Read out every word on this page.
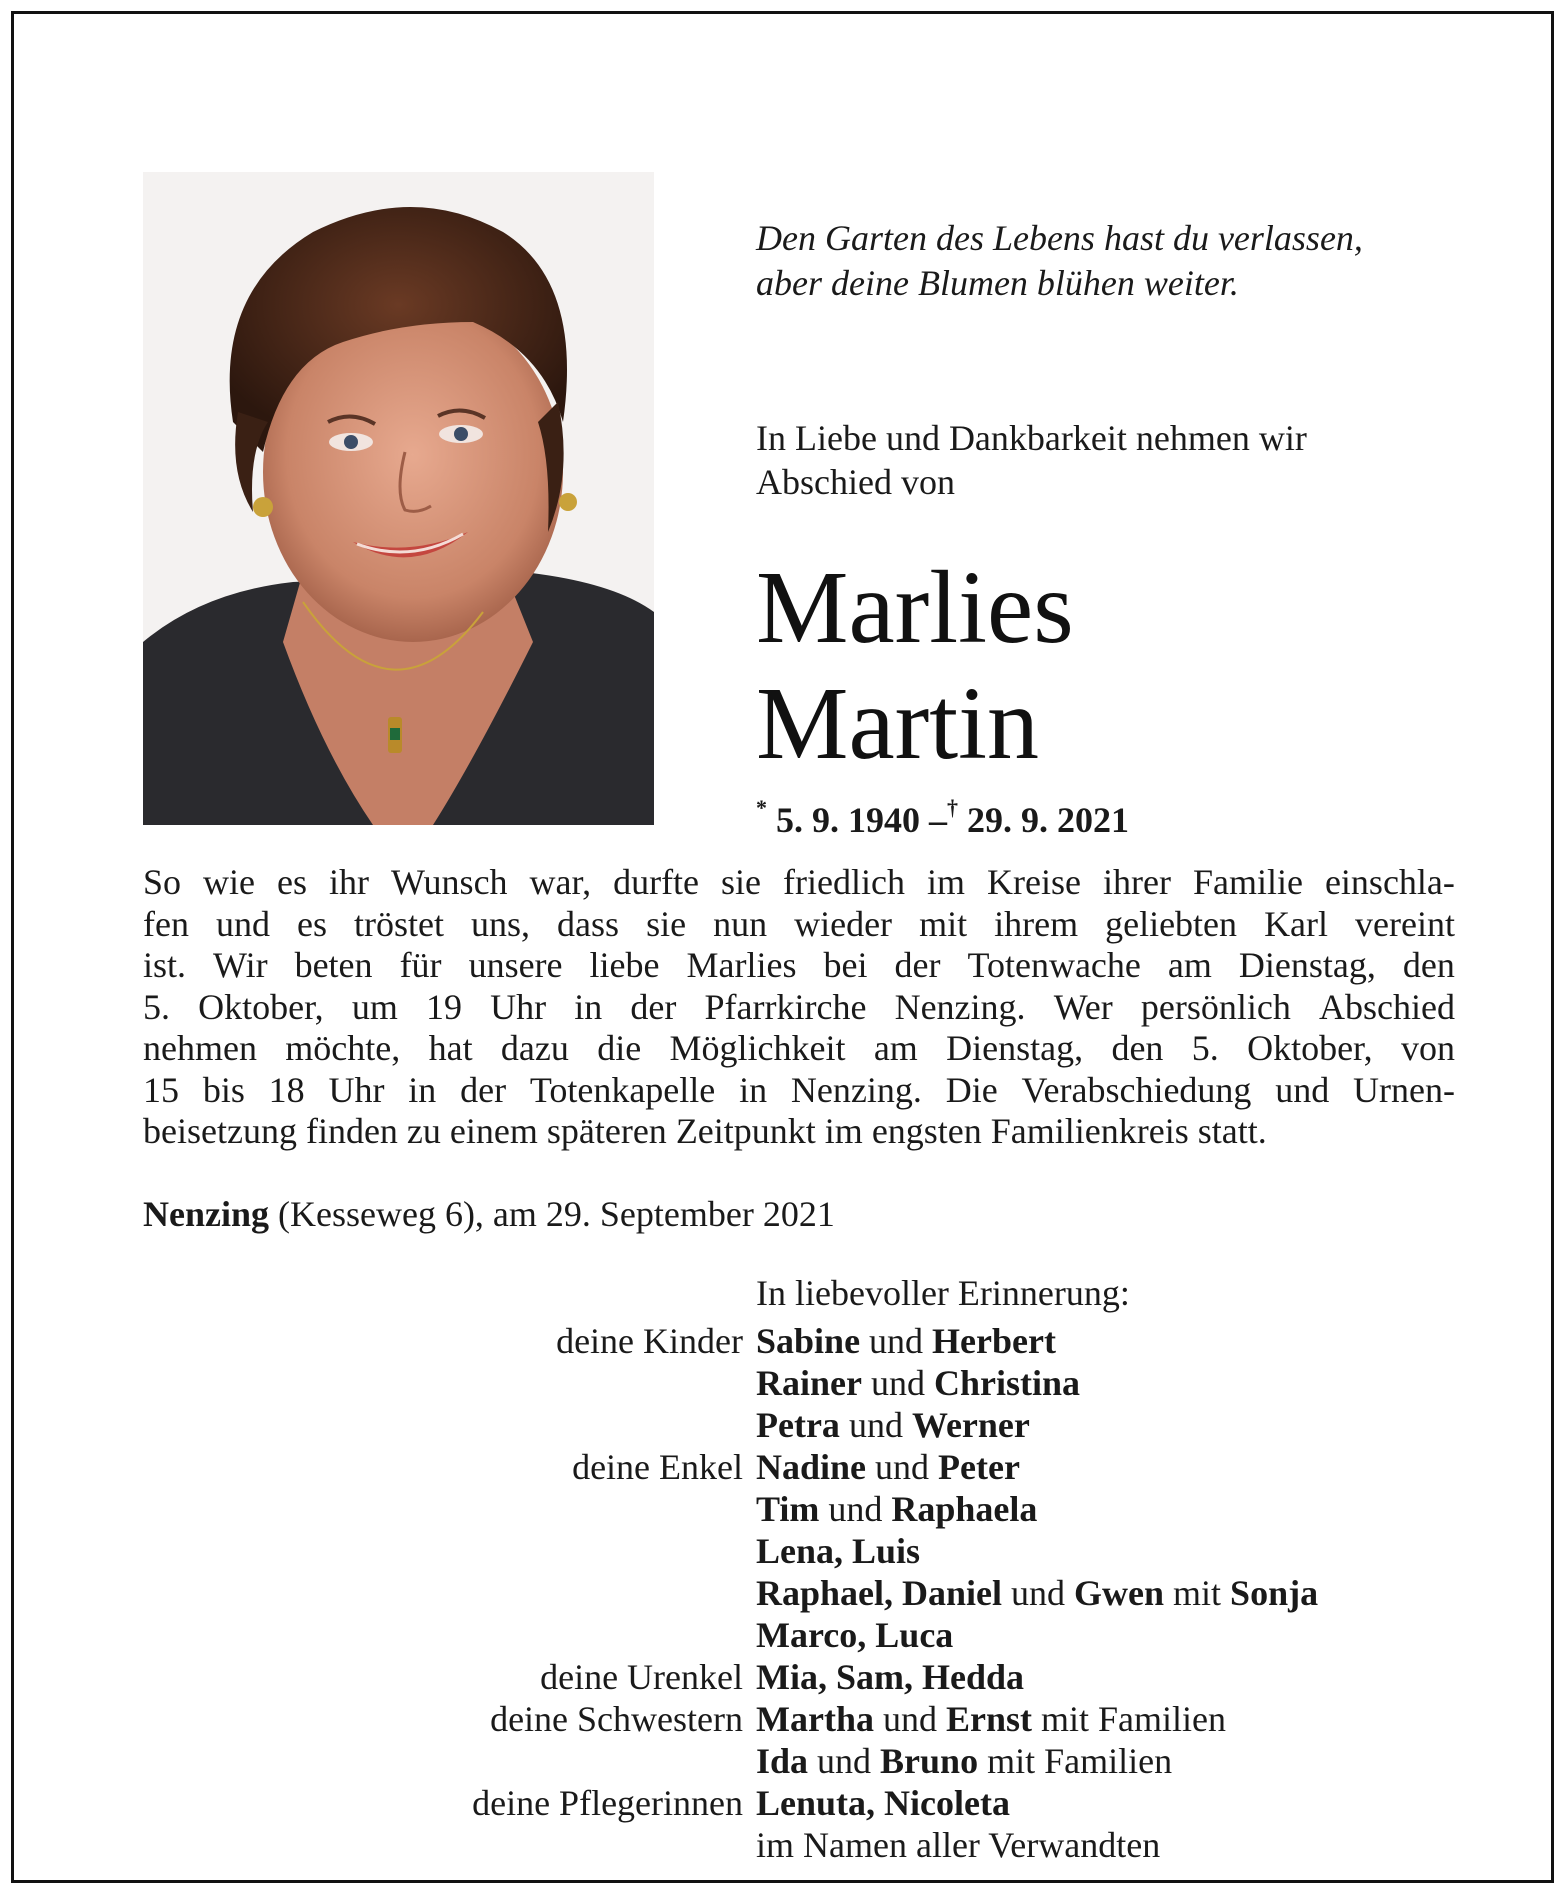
Den Garten des Lebens hast du verlassen,
aber deine Blumen blühen weiter.
In Liebe und Dankbarkeit nehmen wir
Abschied von
Marlies
Martin
* 5. 9. 1940 –† 29. 9. 2021
So wie es ihr Wunsch war, durfte sie friedlich im Kreise ihrer Familie einschla-
fen und es tröstet uns, dass sie nun wieder mit ihrem geliebten Karl vereint
ist. Wir beten für unsere liebe Marlies bei der Totenwache am Dienstag, den
5. Oktober, um 19 Uhr in der Pfarrkirche Nenzing. Wer persönlich Abschied
nehmen möchte, hat dazu die Möglichkeit am Dienstag, den 5. Oktober, von
15 bis 18 Uhr in der Totenkapelle in Nenzing. Die Verabschiedung und Urnen-
beisetzung finden zu einem späteren Zeitpunkt im engsten Familienkreis statt.
Nenzing (Kesseweg 6), am 29. September 2021
In liebevoller Erinnerung:
deine Kinder Sabine und Herbert
Rainer und Christina
Petra und Werner
deine Enkel Nadine und Peter
Tim und Raphaela
Lena, Luis
Raphael, Daniel und Gwen mit Sonja
Marco, Luca
deine Urenkel Mia, Sam, Hedda
deine Schwestern Martha und Ernst mit Familien
Ida und Bruno mit Familien
deine Pflegerinnen Lenuta, Nicoleta
im Namen aller Verwandten
